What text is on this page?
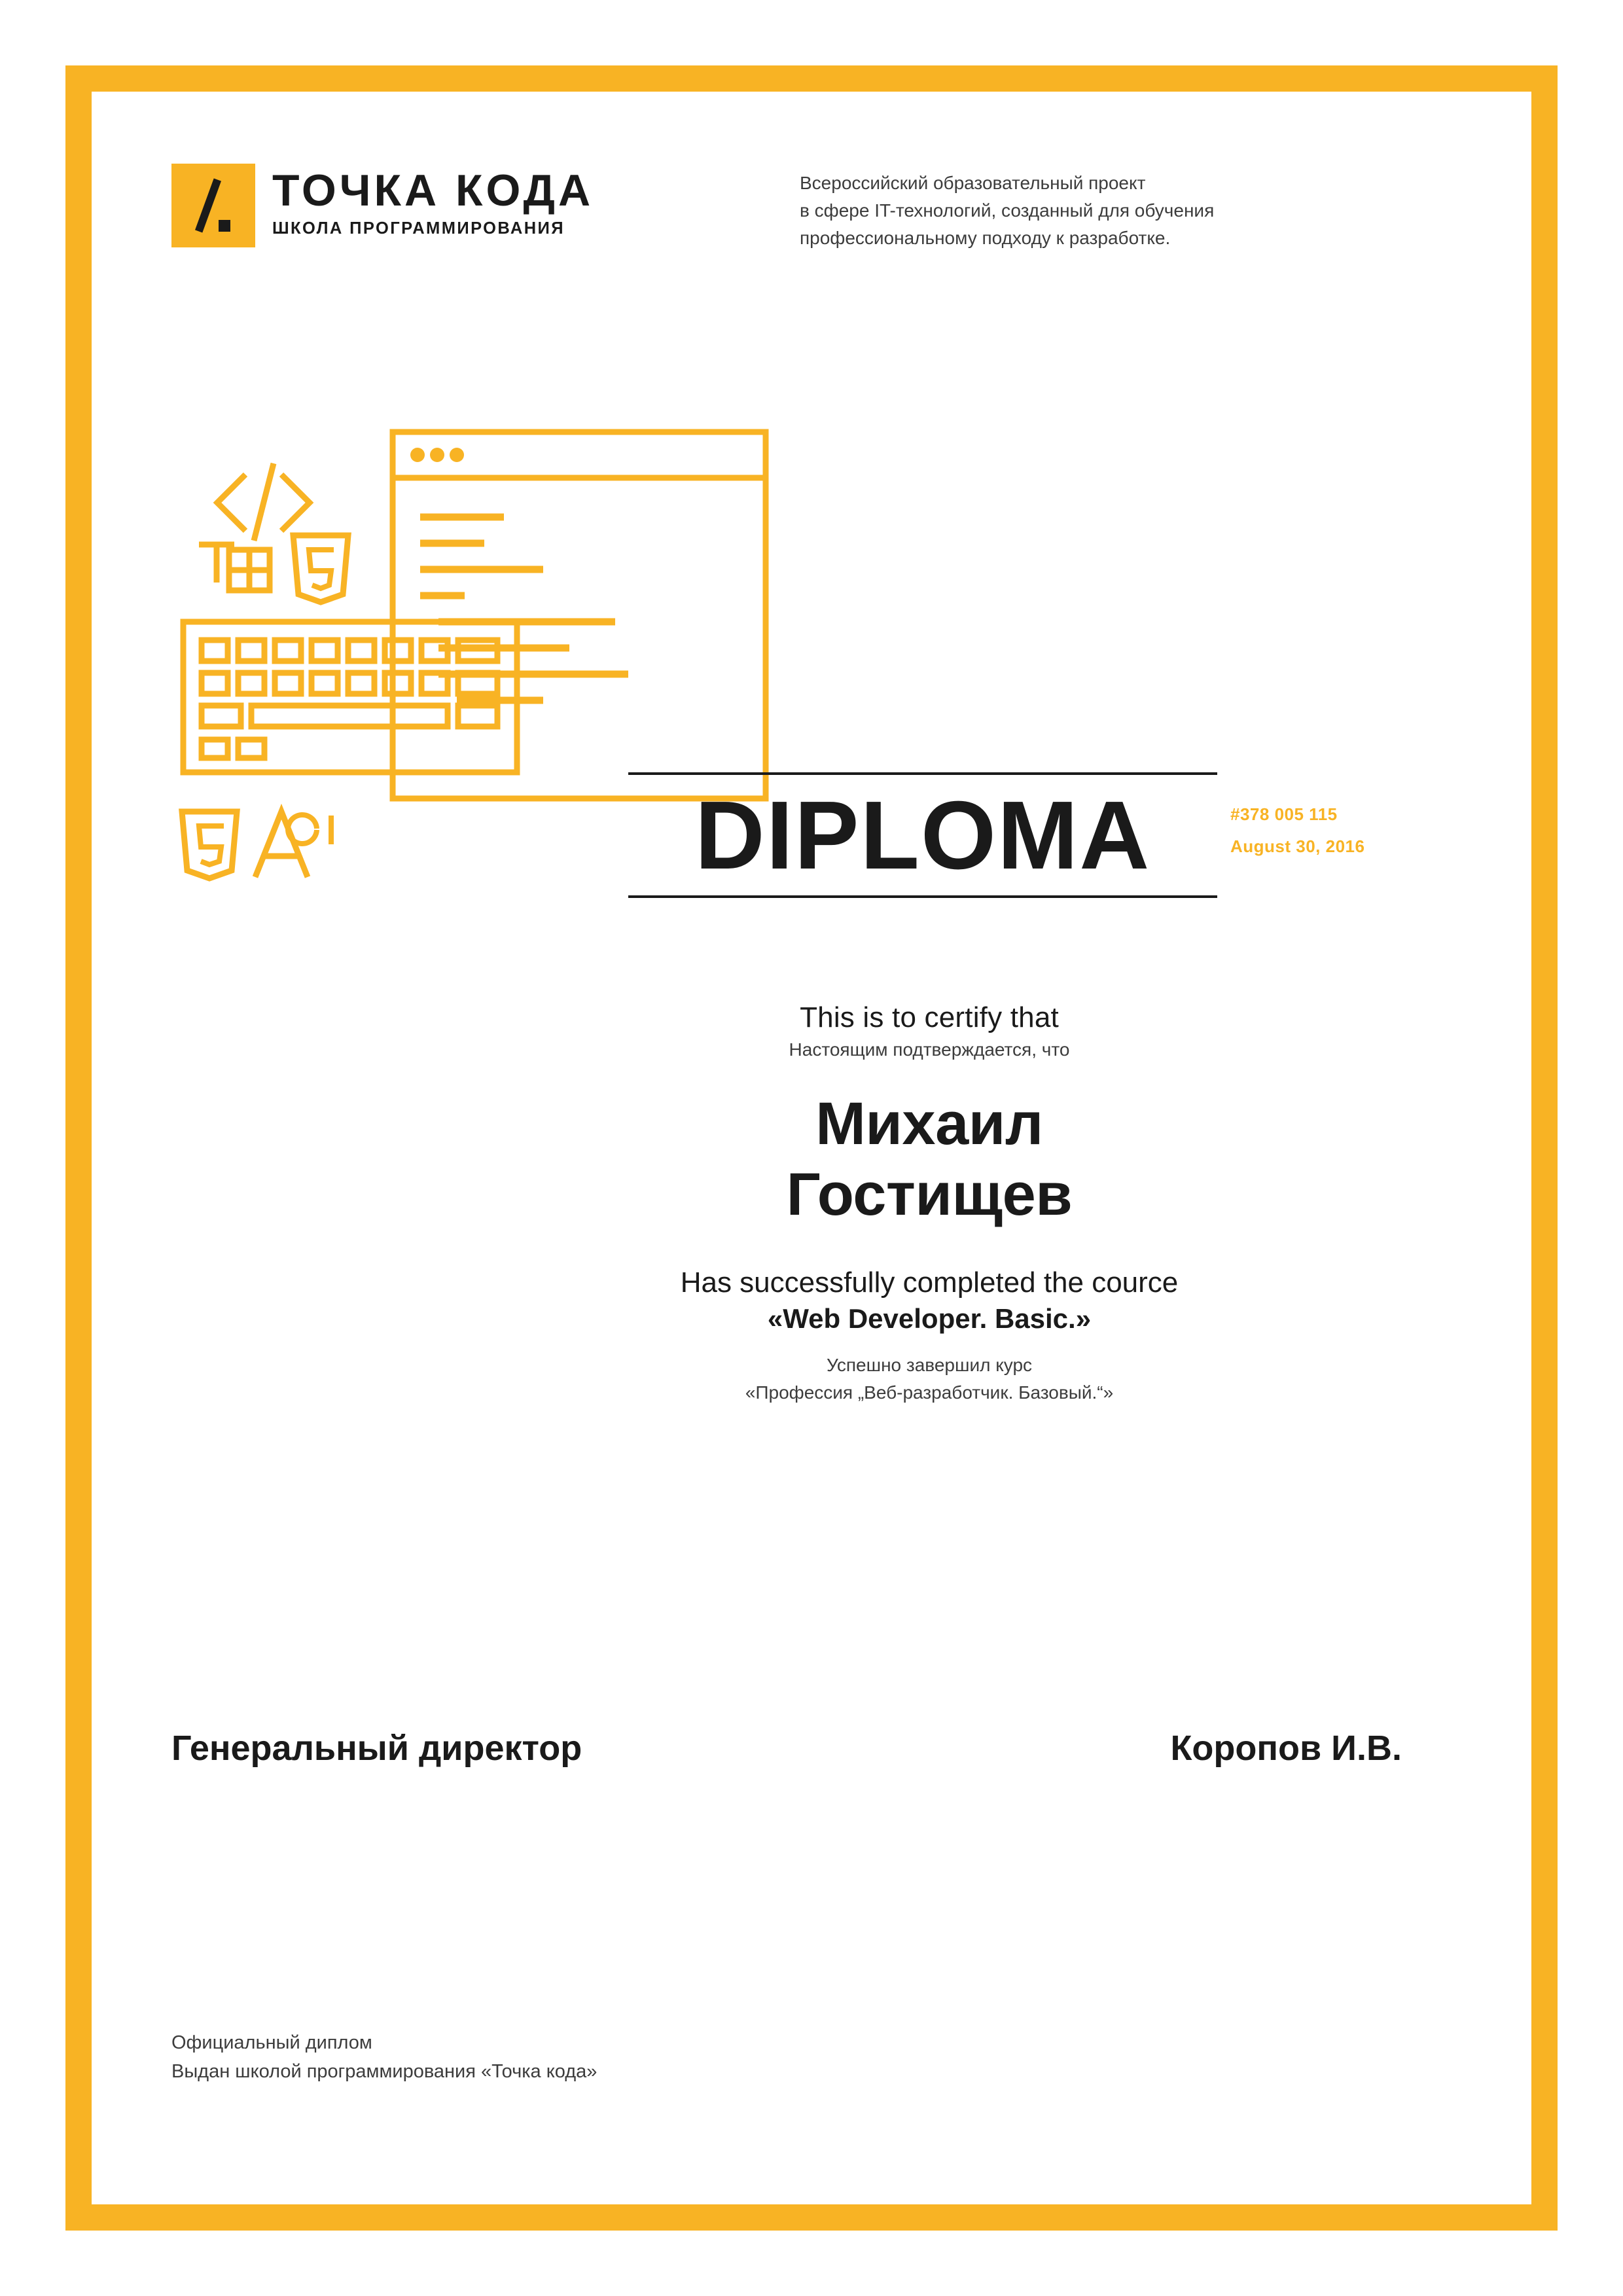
ТОЧКА КОДА
ШКОЛА ПРОГРАММИРОВАНИЯ
Всероссийский образовательный проект
в сфере IT-технологий, созданный для обучения
профессиональному подходу к разработке.
DIPLOMA	#378 005 115
August 30, 2016
This is to certify that
Настоящим подтверждается, что
Михаил
Гостищев
Has successfully completed the cource
«Web Developer. Basic.»
Успешно завершил курс
«Профессия „Веб-разработчик. Базовый.“»
Генеральный директор	Коропов И.В.
Официальный диплом
Выдан школой программирования «Точка кода»
